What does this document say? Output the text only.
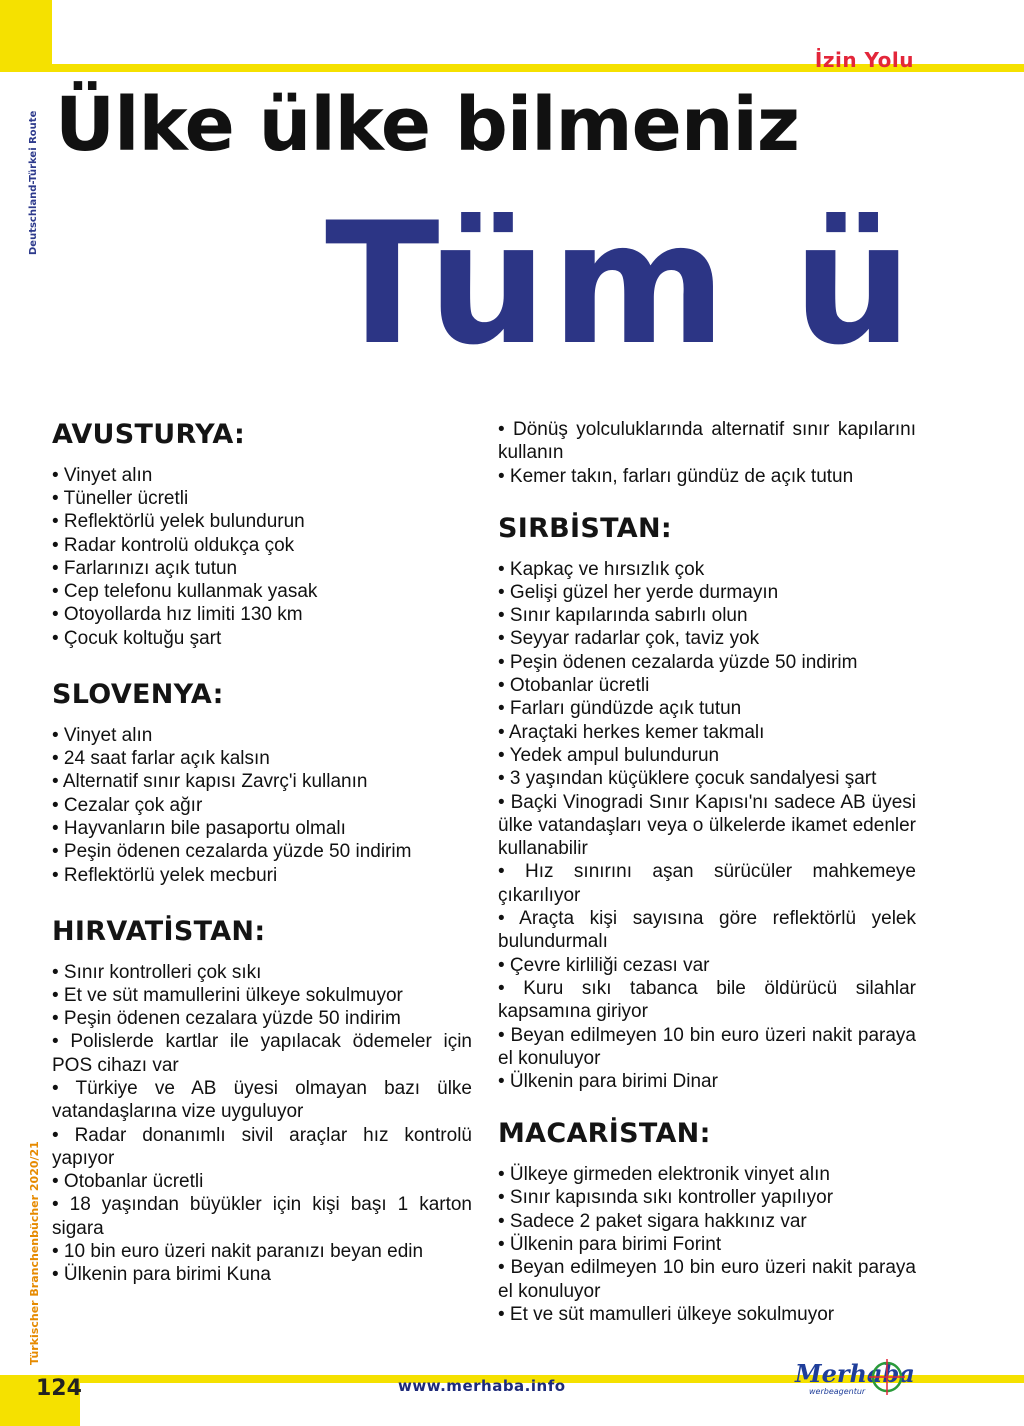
İzin Yolu
Deutschland-Türkei Route Ülke ülke bilmeniz
Tüm ü
AVUSTURYA:
• Vinyet alın
• Tüneller ücretli
• Reflektörlü yelek bulundurun
• Radar kontrolü oldukça çok
• Farlarınızı açık tutun
• Cep telefonu kullanmak yasak
• Otoyollarda hız limiti 130 km
• Çocuk koltuğu şart
SLOVENYA:
• Vinyet alın
• 24 saat farlar açık kalsın
• Alternatif sınır kapısı Zavrç'i kullanın
• Cezalar çok ağır
• Hayvanların bile pasaportu olmalı
• Peşin ödenen cezalarda yüzde 50 indirim
• Reflektörlü yelek mecburi
HIRVATİSTAN:
• Sınır kontrolleri çok sıkı
• Et ve süt mamullerini ülkeye sokulmuyor
• Peşin ödenen cezalara yüzde 50 indirim
• Polislerde kartlar ile yapılacak ödemeler için POS cihazı var
• Türkiye ve AB üyesi olmayan bazı ülke vatandaşlarına vize uyguluyor
• Radar donanımlı sivil araçlar hız kontrolü yapıyor
• Otobanlar ücretli
• 18 yaşından büyükler için kişi başı 1 karton sigara
• 10 bin euro üzeri nakit paranızı beyan edin
• Ülkenin para birimi Kuna
• Dönüş yolculuklarında alternatif sınır kapılarını kullanın
• Kemer takın, farları gündüz de açık tutun
SIRBİSTAN:
• Kapkaç ve hırsızlık çok
• Gelişi güzel her yerde durmayın
• Sınır kapılarında sabırlı olun
• Seyyar radarlar çok, taviz yok
• Peşin ödenen cezalarda yüzde 50 indirim
• Otobanlar ücretli
• Farları gündüzde açık tutun
• Araçtaki herkes kemer takmalı
• Yedek ampul bulundurun
• 3 yaşından küçüklere çocuk sandalyesi şart
• Baçki Vinogradi Sınır Kapısı'nı sadece AB üyesi ülke vatandaşları veya o ülkelerde ikamet edenler kullanabilir
• Hız sınırını aşan sürücüler mahkemeye çıkarılıyor
• Araçta kişi sayısına göre reflektörlü yelek bulundurmalı
• Çevre kirliliği cezası var
• Kuru sıkı tabanca bile öldürücü silahlar kapsamına giriyor
• Beyan edilmeyen 10 bin euro üzeri nakit paraya el konuluyor
• Ülkenin para birimi Dinar
MACARİSTAN:
• Ülkeye girmeden elektronik vinyet alın
• Sınır kapısında sıkı kontroller yapılıyor
• Sadece 2 paket sigara hakkınız var
• Ülkenin para birimi Forint
• Beyan edilmeyen 10 bin euro üzeri nakit paraya el konuluyor
• Et ve süt mamulleri ülkeye sokulmuyor
Türkischer Branchenbücher 2020/21
124	www.merhaba.info	Merhaba
werbeagentur
